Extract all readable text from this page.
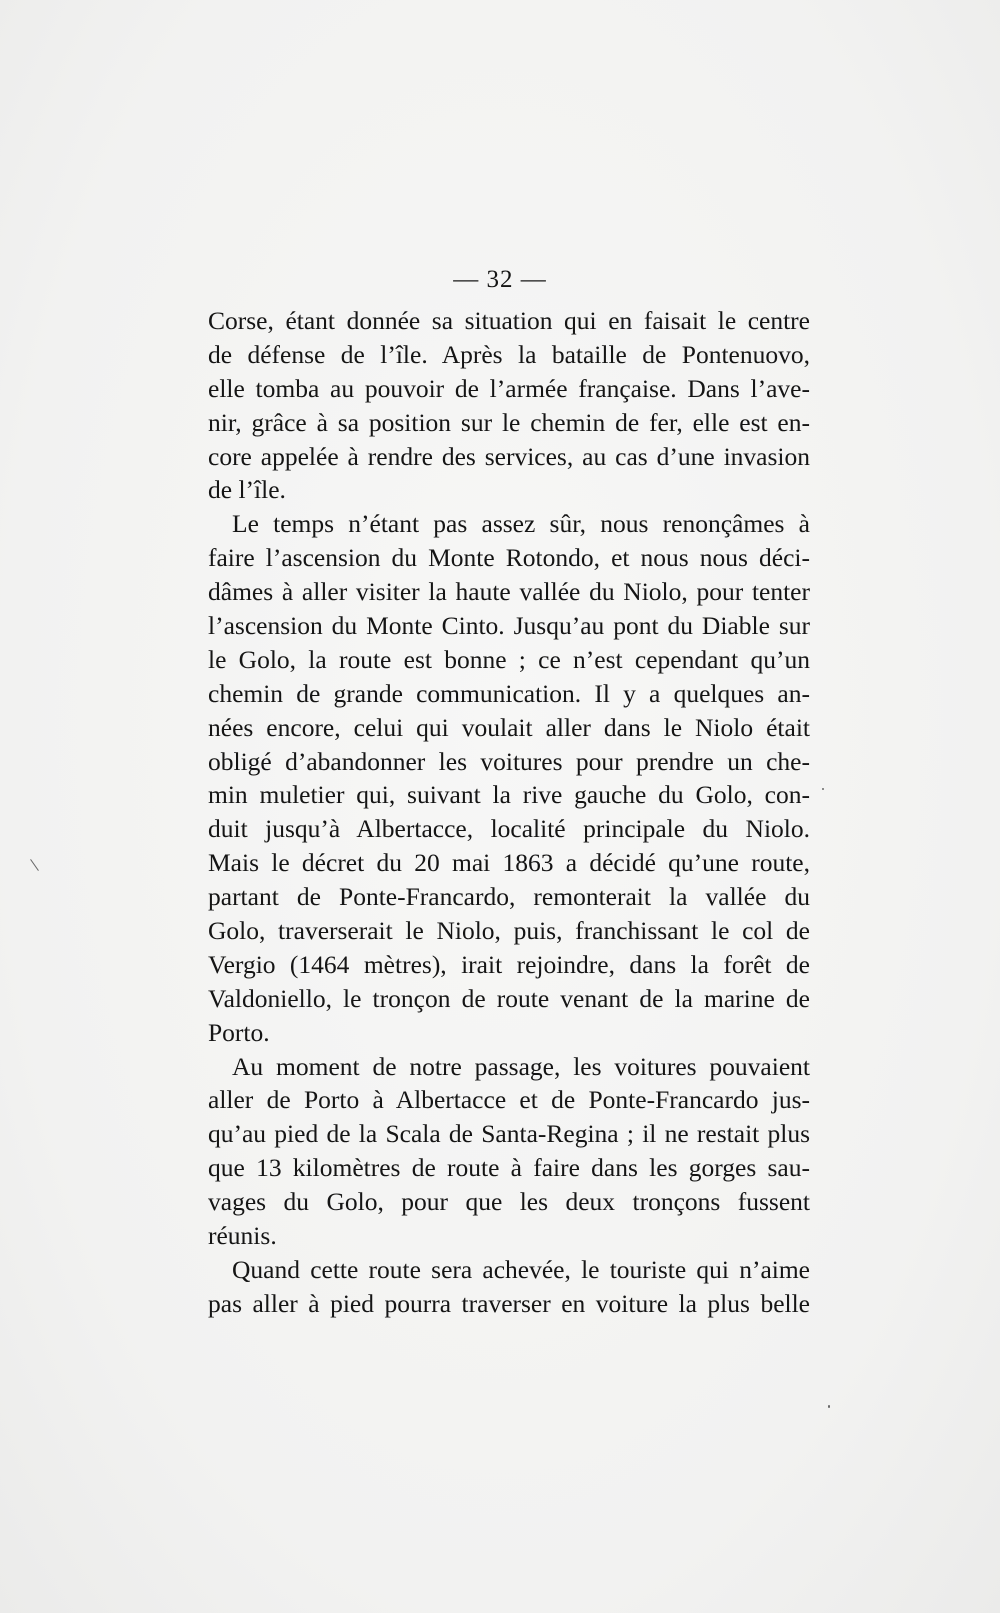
— 32 —
Corse, étant donnée sa situation qui en faisait le centre
de défense de l’île. Après la bataille de Pontenuovo,
elle tomba au pouvoir de l’armée française. Dans l’ave-
nir, grâce à sa position sur le chemin de fer, elle est en-
core appelée à rendre des services, au cas d’une invasion
de l’île.
Le temps n’étant pas assez sûr, nous renonçâmes à
faire l’ascension du Monte Rotondo, et nous nous déci-
dâmes à aller visiter la haute vallée du Niolo, pour tenter
l’ascension du Monte Cinto. Jusqu’au pont du Diable sur
le Golo, la route est bonne ; ce n’est cependant qu’un
chemin de grande communication. Il y a quelques an-
nées encore, celui qui voulait aller dans le Niolo était
obligé d’abandonner les voitures pour prendre un che-
min muletier qui, suivant la rive gauche du Golo, con-
duit jusqu’à Albertacce, localité principale du Niolo.
Mais le décret du 20 mai 1863 a décidé qu’une route,
partant de Ponte-Francardo, remonterait la vallée du
Golo, traverserait le Niolo, puis, franchissant le col de
Vergio (1464 mètres), irait rejoindre, dans la forêt de
Valdoniello, le tronçon de route venant de la marine de
Porto.
Au moment de notre passage, les voitures pouvaient
aller de Porto à Albertacce et de Ponte-Francardo jus-
qu’au pied de la Scala de Santa-Regina ; il ne restait plus
que 13 kilomètres de route à faire dans les gorges sau-
vages du Golo, pour que les deux tronçons fussent
réunis.
Quand cette route sera achevée, le touriste qui n’aime
pas aller à pied pourra traverser en voiture la plus belle
